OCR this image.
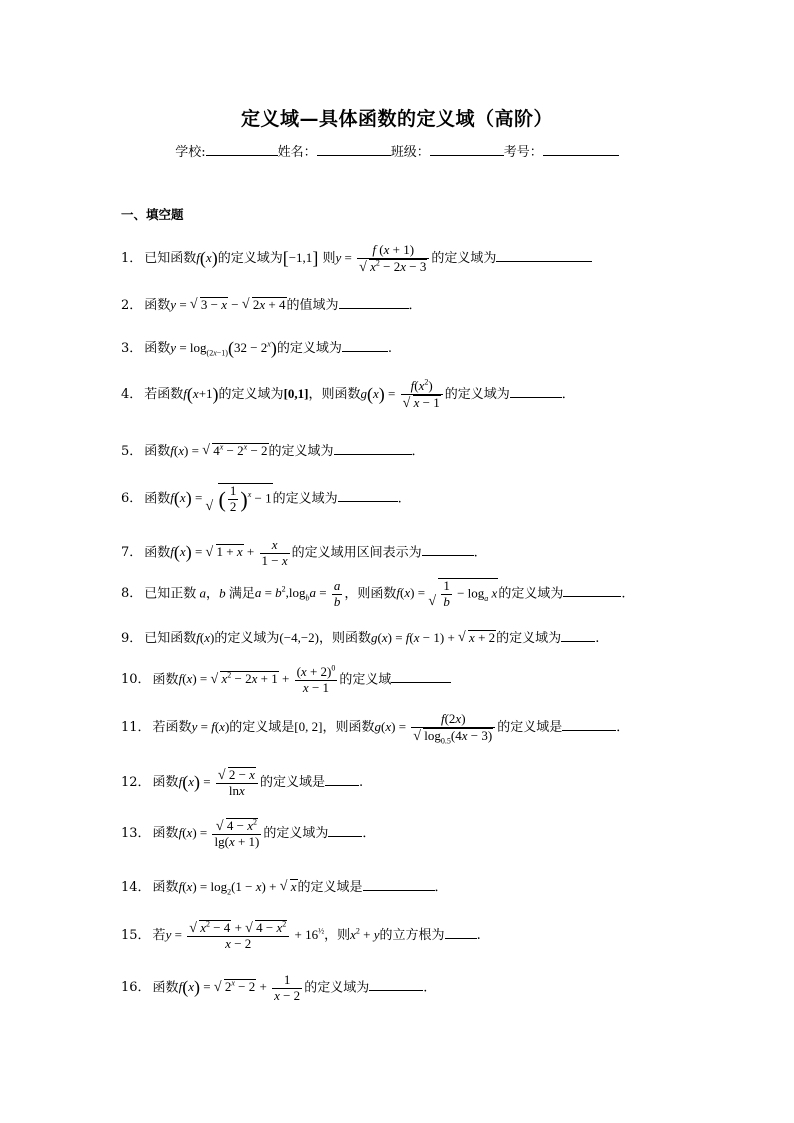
定义域—具体函数的定义域（高阶）
学校:	姓名：	班级：	考号：
一、填空题
1． 已知函数f(x)的定义域为[−1,1] 则y = f (x + 1)
√ $x^2 - 2x - 3$ 的定义域为
2． 函数y = √ 3 − x − √ 2x + 4的值域为	．
3． 函数$y = \log_{(2x-1)}(32 - 2^x)$的定义域为	.
4． 若函数f(x+1)的定义域为[0,1]，则函数$g(x) = f(x^2)$
√ x − 1 的定义域为	．
5． 函数f(x) = √ $4^x - 2^x - 2$的定义域为	．
6． 函数f(x) = √ ( $\frac{1}{2} )^x - 1$的定义域为	.
7． 函数f(x) = √ $1 + x + \frac{x}{1 - x}$ 的定义域用区间表示为	.
8． 已知正数 a，b 满足$a = b^2,\log_ba = \frac{a}{b}$ ，则函数f(x) = √ $\frac{1}{b} - \log_a x$的定义域为	.
9． 已知函数f(x)的定义域为(−4,−2)，则函数g(x) = f(x − 1) + √ x + 2的定义域为	.
10． 函数f(x) = √ $x^2 - 2x + 1 + \frac{(x + 2)^0}{x - 1}$ 的定义域
11． 若函数y = f(x)的定义域是[0, 2]，则函数g(x) = f(2x)
√ $\log_{0.5}(4x - 3)$ 的定义域是	．
12． 函数f(x) = √ $\frac{2 - x}{\ln x}$ 的定义域是	.
13． 函数f(x) = √ $\frac{4 - x^2}{\lg(x + 1)}$ 的定义域为	．
14． 函数$f(x) = \log_2(1 - x)$ + √ x的定义域是	．
15． 若y = √ $\frac{x^2 - 4 + √ 4 - x^2}{x - 2} + 16^{\frac{1}{2}}$，则$x^2 + y$的立方根为 .
16． 函数f(x) = √ $2^x - 2 + \frac{1}{x - 2}$ 的定义域为	.
